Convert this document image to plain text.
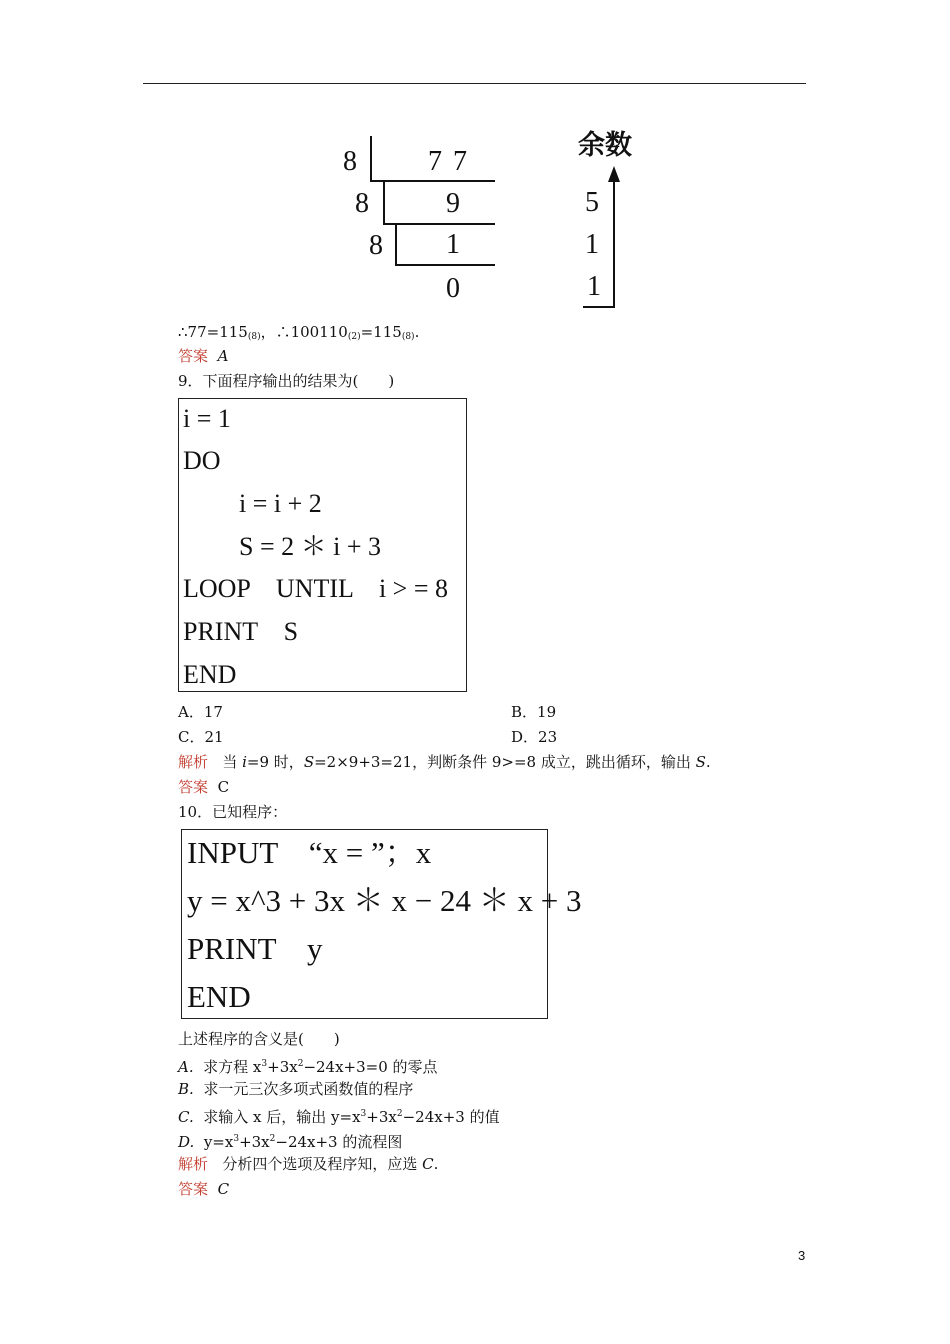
8
8
8
7 7
9
1
0
余数
5
1
1
$\therefore 77=115_{(8)}$，$\therefore 100110_{(2)}=115_{(8)}$.
答案 A
9．下面程序输出的结果为(　　)
i = 1
DO
i = i + 2
S = 2 ＊ i + 3
LOOP    UNTIL    i > = 8
PRINT    S
END
A．17	B．19
C．21	D．23
解析 当 i=9 时，S=2×9+3=21，判断条件 9>=8 成立，跳出循环，输出 S.
答案 C
10．已知程序：
INPUT    “x = ”；x
y = x^3 + 3x ＊ x − 24 ＊ x + 3
PRINT    y
END
上述程序的含义是(　　)
A. 求方程 $x^3+3x^2-24x+3=0$ 的零点
B. 求一元三次多项式函数值的程序
C. 求输入 x 后，输出 $y=x^3+3x^2-24x+3$ 的值
D. $y=x^3+3x^2-24x+3$ 的流程图
解析 分析四个选项及程序知，应选 C.
答案 C
3
